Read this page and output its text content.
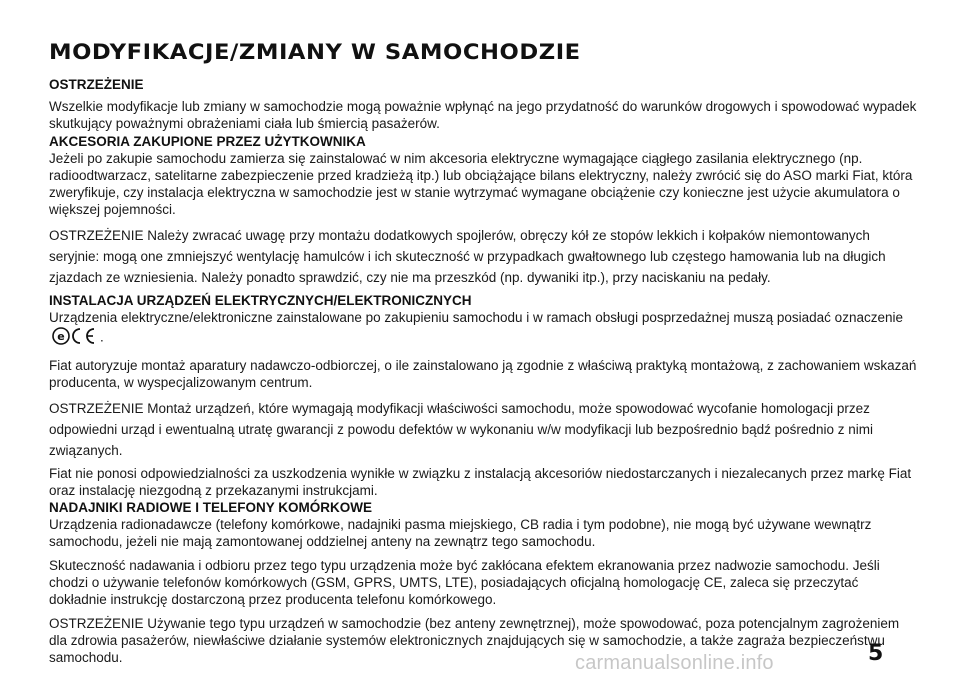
MODYFIKACJE/ZMIANY W SAMOCHODZIE
OSTRZEŻENIE

Wszelkie modyfikacje lub zmiany w samochodzie mogą poważnie wpłynąć na jego przydatność do warunków drogowych i spowodować wypadek skutkujący poważnymi obrażeniami ciała lub śmiercią pasażerów.

AKCESORIA ZAKUPIONE PRZEZ UŻYTKOWNIKA

Jeżeli po zakupie samochodu zamierza się zainstalować w nim akcesoria elektryczne wymagające ciągłego zasilania elektrycznego (np. radioodtwarzacz, satelitarne zabezpieczenie przed kradzieżą itp.) lub obciążające bilans elektryczny, należy zwrócić się do ASO marki Fiat, która zweryfikuje, czy instalacja elektryczna w samochodzie jest w stanie wytrzymać wymagane obciążenie czy konieczne jest użycie akumulatora o większej pojemności.

OSTRZEŻENIE Należy zwracać uwagę przy montażu dodatkowych spojlerów, obręczy kół ze stopów lekkich i kołpaków niemontowanych seryjnie: mogą one zmniejszyć wentylację hamulców i ich skuteczność w przypadkach gwałtownego lub częstego hamowania lub na długich zjazdach ze wzniesienia. Należy ponadto sprawdzić, czy nie ma przeszkód (np. dywaniki itp.), przy naciskaniu na pedały.

INSTALACJA URZĄDZEŃ ELEKTRYCZNYCH/ELEKTRONICZNYCH

Urządzenia elektryczne/elektroniczne zainstalowane po zakupieniu samochodu i w ramach obsługi posprzedażnej muszą posiadać oznaczenie
e	.

Fiat autoryzuje montaż aparatury nadawczo-odbiorczej, o ile zainstalowano ją zgodnie z właściwą praktyką montażową, z zachowaniem wskazań producenta, w wyspecjalizowanym centrum.

OSTRZEŻENIE Montaż urządzeń, które wymagają modyfikacji właściwości samochodu, może spowodować wycofanie homologacji przez odpowiedni urząd i ewentualną utratę gwarancji z powodu defektów w wykonaniu w/w modyfikacji lub bezpośrednio bądź pośrednio z nimi związanych.

Fiat nie ponosi odpowiedzialności za uszkodzenia wynikłe w związku z instalacją akcesoriów niedostarczanych i niezalecanych przez markę Fiat oraz instalację niezgodną z przekazanymi instrukcjami.

NADAJNIKI RADIOWE I TELEFONY KOMÓRKOWE

Urządzenia radionadawcze (telefony komórkowe, nadajniki pasma miejskiego, CB radia i tym podobne), nie mogą być używane wewnątrz samochodu, jeżeli nie mają zamontowanej oddzielnej anteny na zewnątrz tego samochodu.

Skuteczność nadawania i odbioru przez tego typu urządzenia może być zakłócana efektem ekranowania przez nadwozie samochodu. Jeśli chodzi o używanie telefonów komórkowych (GSM, GPRS, UMTS, LTE), posiadających oficjalną homologację CE, zaleca się przeczytać dokładnie instrukcję dostarczoną przez producenta telefonu komórkowego.

OSTRZEŻENIE Używanie tego typu urządzeń w samochodzie (bez anteny zewnętrznej), może spowodować, poza potencjalnym zagrożeniem dla zdrowia pasażerów, niewłaściwe działanie systemów elektronicznych znajdujących się w samochodzie, a także zagraża bezpieczeństwu samochodu.	carmanualsonline.info	5
